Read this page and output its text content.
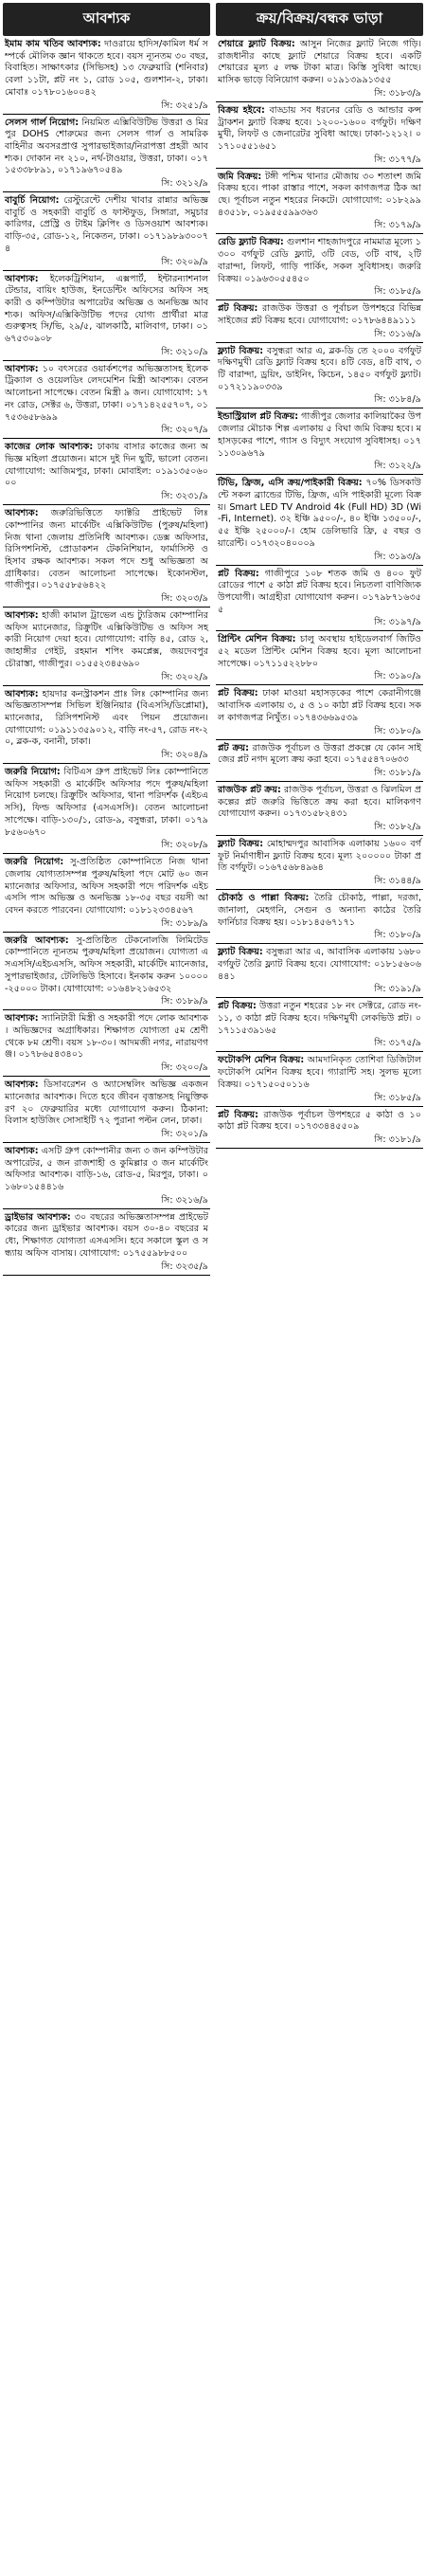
আবশ্যক
ইমাম কাম খতিব আবশ্যক: দাওরায়ে হাদিস/কামিল ধর্ম সম্পর্কে মৌলিক জ্ঞান থাকতে হবে। বয়স ন্যূনতম ৩০ বছর, বিবাহিত। সাক্ষাৎকার (সিভিসহ) ১৩ ফেব্রুয়ারি (শনিবার) বেলা ১১টা, প্লট নং ১, রোড ১০৫, গুলশান-২, ঢাকা। মোবাঃ ০১৭৮০১৬০০৪২
সি: ৩২৫১/৯
সেলস গার্ল নিয়োগ: নিয়মিত এক্সিবিউটিভ উত্তরা ও মিরপুর DOHS শোরুমের জন্য সেলস গার্ল ও সামরিক বাহিনীর অবসরপ্রাপ্ত সুপারভাইজার/নিরাপত্তা প্রহরী আবশ্যক। দোকান নং ২১০, নর্থ-টাওয়ার, উত্তরা, ঢাকা। ০১৭১৫৩৩৮৮৯১, ০১৭১৯৬৭০৫৪৯
সি: ৩২১২/৯
বাবুর্চি নিয়োগ: রেস্টুরেন্টে দেশীয় খাবার রান্নার অভিজ্ঞ বাবুর্চি ও সহকারী বাবুর্চি ও ফাস্টফুড, সিঙ্গারা, সমুচার কারিগর, প্রেস্ট্রি ও টাইম ক্লিপিং ও ডিসওয়াশ আবশ্যক। বাড়ি-৩৫, রোড-১২, নিকেতন, ঢাকা। ০১৭১৯৮৯৩০০৭৪
সি: ৩২০৯/৯
আবশ্যক: ইলেকট্রিশিয়ান, এক্সপার্ট, ইন্টারন্যাশনাল টেন্ডার, বায়িং হাউজ, ইনডেন্টিং অফিসের অফিস সহকারী ও কম্পিউটার অপারেটর অভিজ্ঞ ও অনভিজ্ঞ আবশ্যক। অফিস/এক্সিকিউটিভ পদের যোগ্য প্রার্থীরা মাত্র গুরুত্বসহ সি/ভি, ২৯/৫, ঝালকাঠি, মালিবাগ, ঢাকা। ০১৬৭৫৩০৯০৮
সি: ৩২১০/৯
আবশ্যক: ১০ বৎসরের ওয়ার্কশপের অভিজ্ঞতাসহ ইলেকট্রিক্যাল ও ওয়েলডিং লেদমেশিন মিস্ত্রী আবশ্যক। বেতন আলোচনা সাপেক্ষে। বেতন মিস্ত্রী ৯ জন। যোগাযোগ: ১৭ নং রোড, সেক্টর ৬, উত্তরা, ঢাকা। ০১৭১৪২৫৫৭০৭, ০১৭৫৩৬৫৮৬৯৯
সি: ৩২০৭/৯
কাজের লোক আবশ্যক: ঢাকায় বাসার কাজের জন্য অভিজ্ঞ মহিলা প্রয়োজন। মাসে দুই দিন ছুটি, ভালো বেতন। যোগাযোগ: আজিমপুর, ঢাকা। মোবাইল: ০১৯১৩৫০৬০০০
সি: ৩২৩১/৯
আবশ্যক: জরুরিভিত্তিতে ফ্যাক্টরি প্রাইভেট লিঃ কোম্পানির জন্য মার্কেটিং এক্সিকিউটিভ (পুরুষ/মহিলা) নিজ থানা জেলায় প্রতিনিধি আবশ্যক। ডেক্স অফিসার, রিসিপশনিস্ট, প্রোডাকশন টেকনিশিয়ান, ফার্মাসিস্ট ও হিসাব রক্ষক আবশ্যক। সকল পদে শুধু অভিজ্ঞতা অগ্রাধিকার। বেতন আলোচনা সাপেক্ষে। ইকোনস্টল, গাজীপুর। ০১৭৫৫৮৫৬৪২২
সি: ৩২০৩/৯
আবশ্যক: হাজী কামাল ট্রাভেল এন্ড ট্যুরিজম কোম্পানির অফিস ম্যানেজার, রিক্রুটিং এক্সিকিউটিভ ও অফিস সহকারী নিয়োগ দেয়া হবে। যোগাযোগ: বাড়ি ৪৫, রোড ২, জাহাঙ্গীর গেইট, রহমান শপিং কমপ্লেক্স, জয়দেবপুর চৌরাস্তা, গাজীপুর। ০১৫৫২৩৪৫৬৯০
সি: ৩২০২/৯
আবশ্যক: হায়দার কনস্ট্রাকশন প্রাঃ লিঃ কোম্পানির জন্য অভিজ্ঞতাসম্পন্ন সিভিল ইঞ্জিনিয়ার (বিএসসি/ডিপ্লোমা), ম্যানেজার, রিসিপশনিস্ট এবং পিয়ন প্রয়োজন। যোগাযোগ: ০১৯১১৩৫৯০১২, বাড়ি নং-৫৭, রোড নং-২০, ব্লক-ক, বনানী, ঢাকা।
সি: ৩২০৪/৯
জরুরি নিয়োগ: বিটিএস গ্রুপ প্রাইভেট লিঃ কোম্পানিতে অফিস সহকারী ও মার্কেটিং অফিসার পদে পুরুষ/মহিলা নিয়োগ চলছে। রিক্রুটিং অফিসার, থানা পরিদর্শক (এইচএসসি), ফিল্ড অফিসার (এসএসসি)। বেতন আলোচনা সাপেক্ষে। বাড়ি-১৩০/১, রোড-৯, বসুন্ধরা, ঢাকা। ০১৭৯৮৫৬০৬৭০
সি: ৩২০৮/৯
জরুরি নিয়োগ: সু-প্রতিষ্ঠিত কোম্পানিতে নিজ থানা জেলায় যোগ্যতাসম্পন্ন পুরুষ/মহিলা পদে মোট ৬০ জন ম্যানেজার অফিসার, অফিস সহকারী পদে পরিদর্শক এইচএসসি পাস অভিজ্ঞ ও অনভিজ্ঞ ১৮-৩৫ বছর বয়সী আবেদন করতে পারবেন। যোগাযোগ: ০১৮১২৩৩৪৫৬৭
সি: ৩১৮৯/৯
জরুরি আবশ্যক: সু-প্রতিষ্ঠিত টেকনোলজি লিমিটেড কোম্পানিতে ন্যূনতম পুরুষ/মহিলা প্রয়োজন। যোগ্যতা এসএসসি/এইচএসসি, অফিস সহকারী, মার্কেটিং ম্যানেজার, সুপারভাইজার, টেলিভিউ হিসাবে। ইনকাম করুন ১০০০০-২৫০০০ টাকা। যোগাযোগ: ০১৬৪৮২১৬৫৩২
সি: ৩১৮৯/৯
আবশ্যক: স্যানিটারী মিস্ত্রী ও সহকারী পদে লোক আবশ্যক। অভিজ্ঞদের অগ্রাধিকার। শিক্ষাগত যোগ্যতা ৫ম শ্রেণী থেকে ৮ম শ্রেণী। বয়স ১৮-৩০। আদমজী নগর, নারায়ণগঞ্জ। ০১৭৮৬৫৪৩৪০১
সি: ৩২০০/৯
আবশ্যক: ডিসাবরেশন ও অ্যাসেম্বলিং অভিজ্ঞ একজন ম্যানেজার আবশ্যক। দিতে হবে জীবন বৃত্তান্তসহ নিয়ুক্তিকরণ ২০ ফেব্রুয়ারির মধ্যে যোগাযোগ করুন। ঠিকানা: বিলাস হাউজিং সোসাইটি ৭২ পুরানা পল্টন লেন, ঢাকা।
সি: ৩২০১/৯
আবশ্যক: এসটি গ্রুপ কোম্পানীর জন্য ৩ জন কম্পিউটার অপারেটর, ৫ জন রাজশাহী ও কুমিল্লার ৩ জন মার্কেটিং অফিসার আবশ্যক। বাড়ি-১৬, রোড-৫, মিরপুর, ঢাকা। ০১৬৮০১৫৪৪১৬
সি: ৩২১৬/৯
ড্রাইভার আবশ্যক: ৩০ বছরের অভিজ্ঞতাসম্পন্ন প্রাইভেট কারের জন্য ড্রাইভার আবশ্যক। বয়স ৩০-৪০ বছরের মধ্যে, শিক্ষাগত যোগ্যতা এসএসসি। হবে সকালে স্কুল ও সন্ধ্যায় অফিস বাসায়। যোগাযোগ: ০১৭৫৫৯৮৮৫০০
সি: ৩২৩৫/৯
ক্রয়/বিক্রয়/বন্ধক ভাড়া
শেয়ারে ফ্ল্যাট বিক্রয়: আসুন নিজের ফ্ল্যাট নিজে গড়ি। রাজধানীর কাছে ফ্ল্যাট শেয়ারে বিক্রয় হবে। একটি শেয়ারের মূল্য ৫ লক্ষ টাকা মাত্র। কিস্তি সুবিধা আছে। মাসিক ভাড়ে বিনিয়োগ করুন। ০১৯১৩৯৯১৩৫৫
সি: ৩১৮৩/৯
বিক্রয় হইবে: বাড্ডায় সব ধরনের রেডি ও আন্ডার কন্সট্রাকশন ফ্ল্যাট বিক্রয় হবে। ১২০০-১৬০০ বর্গফুট। দক্ষিণমুখী, লিফট ও জেনারেটর সুবিধা আছে। ঢাকা-১২১২। ০১৭১০৫৫১৬৫১
সি: ৩১৭৭/৯
জমি বিক্রয়: টঙ্গী পশ্চিম থানার মৌজায় ৩০ শতাংশ জমি বিক্রয় হবে। পাকা রাস্তার পাশে, সকল কাগজপত্র ঠিক আছে। পূর্বাচল নতুন শহরের নিকটে। যোগাযোগ: ০১৮২৯৯৪৩৫১৮, ০১৯৫৫৫৯৯৩৬৩
সি: ৩১৭৯/৯
রেডি ফ্ল্যাট বিক্রয়: গুলশান শাহজাদপুরে নামমাত্র মূল্যে ১৩০০ বর্গফুট রেডি ফ্ল্যাট, ৩টি বেড, ৩টি বাথ, ২টি বারান্দা, লিফট, গাড়ি পার্কিং, সকল সুবিধাসহ। জরুরি বিক্রয়। ০১৯৬৩০৫৫৪৫০
সি: ৩১৮৫/৯
প্লট বিক্রয়: রাজউক উত্তরা ও পূর্বাচল উপশহরে বিভিন্ন সাইজের প্লট বিক্রয় হবে। যোগাযোগ: ০১৭৮৬৪৪৯১১১
সি: ৩১১৬/৯
ফ্ল্যাট বিক্রয়: বসুন্ধরা আর এ, ব্লক-ডি তে ২০০০ বর্গফুট দক্ষিণমুখী রেডি ফ্ল্যাট বিক্রয় হবে। ৪টি বেড, ৪টি বাথ, ৩টি বারান্দা, ড্রয়িং, ডাইনিং, কিচেন, ১৪৫০ বর্গফুট ফ্ল্যাট। ০১৭২১১৯০৩৩৯
সি: ৩১৮৪/৯
ইন্ডাস্ট্রিয়াল প্লট বিক্রয়: গাজীপুর জেলার কালিয়াকৈর উপজেলার মৌচাক শিল্প এলাকায় ৫ বিঘা জমি বিক্রয় হবে। মহাসড়কের পাশে, গ্যাস ও বিদ্যুৎ সংযোগ সুবিধাসহ। ০১৭১১৩০৯৬৭৯
সি: ৩১২২/৯
টিভি, ফ্রিজ, এসি ক্রয়/পাইকারী বিক্রয়: ৭০% ডিসকাউন্টে সকল ব্র্যান্ডের টিভি, ফ্রিজ, এসি পাইকারী মূল্যে বিক্রয়। Smart LED TV Android 4k (Full HD) 3D (Wi-Fi, Internet). ৩২ ইঞ্চি ৯৫০০/-, ৪০ ইঞ্চি ১৩৫০০/-, ৫৫ ইঞ্চি ২৫০০০/-। হোম ডেলিভারি ফ্রি, ৫ বছর ওয়ারেন্টি। ০১৭৩২০৪০০০৯
সি: ৩১৯৩/৯
প্লট বিক্রয়: গাজীপুরে ১০৮ শতক জমি ও ৪০০ ফুট রোডের পাশে ৫ কাঠা প্লট বিক্রয় হবে। নিচতলা বাণিজ্যিক উপযোগী। আগ্রহীরা যোগাযোগ করুন। ০১৭৯৮৭১৬৩৫৫
সি: ৩১৯৭/৯
প্রিন্টিং মেশিন বিক্রয়: চালু অবস্থায় হাইডেলবার্গ জিটিও ৫২ মডেল প্রিন্টিং মেশিন বিক্রয় হবে। মূল্য আলোচনা সাপেক্ষে। ০১৭১১৫২২৮৮০
সি: ৩১৯০/৯
প্লট বিক্রয়: ঢাকা মাওয়া মহাসড়কের পাশে কেরানীগঞ্জে আবাসিক এলাকায় ৩, ৫ ও ১০ কাঠা প্লট বিক্রয় হবে। সকল কাগজপত্র নিখুঁত। ০১৭৪৩৬৬৯৫৩৯
সি: ৩১৮০/৯
প্লট ক্রয়: রাজউক পূর্বাচল ও উত্তরা প্রকল্পে যে কোন সাইজের প্লট নগদ মূল্যে ক্রয় করা হবে। ০১৭৫৫৪৭০৬৩৩
সি: ৩১৮১/৯
রাজউক প্লট ক্রয়: রাজউক পূর্বাচল, উত্তরা ও ঝিলমিল প্রকল্পের প্লট জরুরি ভিত্তিতে ক্রয় করা হবে। মালিকগণ যোগাযোগ করুন। ০১৭৩১৫৮২৪৩১
সি: ৩১৮২/৯
ফ্ল্যাট বিক্রয়: মোহাম্মদপুর আবাসিক এলাকায় ১৬০০ বর্গফুট নির্মাণাধীন ফ্ল্যাট বিক্রয় হবে। মূল্য ২০০০০০ টাকা প্রতি বর্গফুট। ০১৬৭৫৬৮৪৯৬৪
সি: ৩১৪৪/৯
চৌকাঠ ও পাল্লা বিক্রয়: তৈরি চৌকাঠ, পাল্লা, দরজা, জানালা, মেহগনি, সেগুন ও অন্যান্য কাঠের তৈরি ফার্নিচার বিক্রয় হয়। ০১৮১৪৫৬৭১৭১
সি: ৩১৮০/৯
ফ্ল্যাট বিক্রয়: বসুন্ধরা আর এ, আবাসিক এলাকায় ১৬৮০ বর্গফুট তৈরি ফ্ল্যাট বিক্রয় হবে। যোগাযোগ: ০১৮১৫৬০৬৪৪১
সি: ৩১৯১/৯
প্লট বিক্রয়: উত্তরা নতুন শহরের ১৮ নং সেক্টরে, রোড নং-১১, ৩ কাঠা প্লট বিক্রয় হবে। দক্ষিণমুখী লেকভিউ প্লট। ০১৭১১৫৩৯১৬৫
সি: ৩১৭৫/৯
ফটোকপি মেশিন বিক্রয়: আমদানিকৃত তোশিবা ডিজিটাল ফটোকপি মেশিন বিক্রয় হবে। গ্যারান্টি সহ। সুলভ মূল্যে বিক্রয়। ০১৭১৫০৫০১১৬
সি: ৩১৮৫/৯
প্লট বিক্রয়: রাজউক পূর্বাচল উপশহরে ৫ কাঠা ও ১০ কাঠা প্লট বিক্রয় হবে। ০১৭৩৩৪৪৫৫০৯
সি: ৩১৮১/৯
